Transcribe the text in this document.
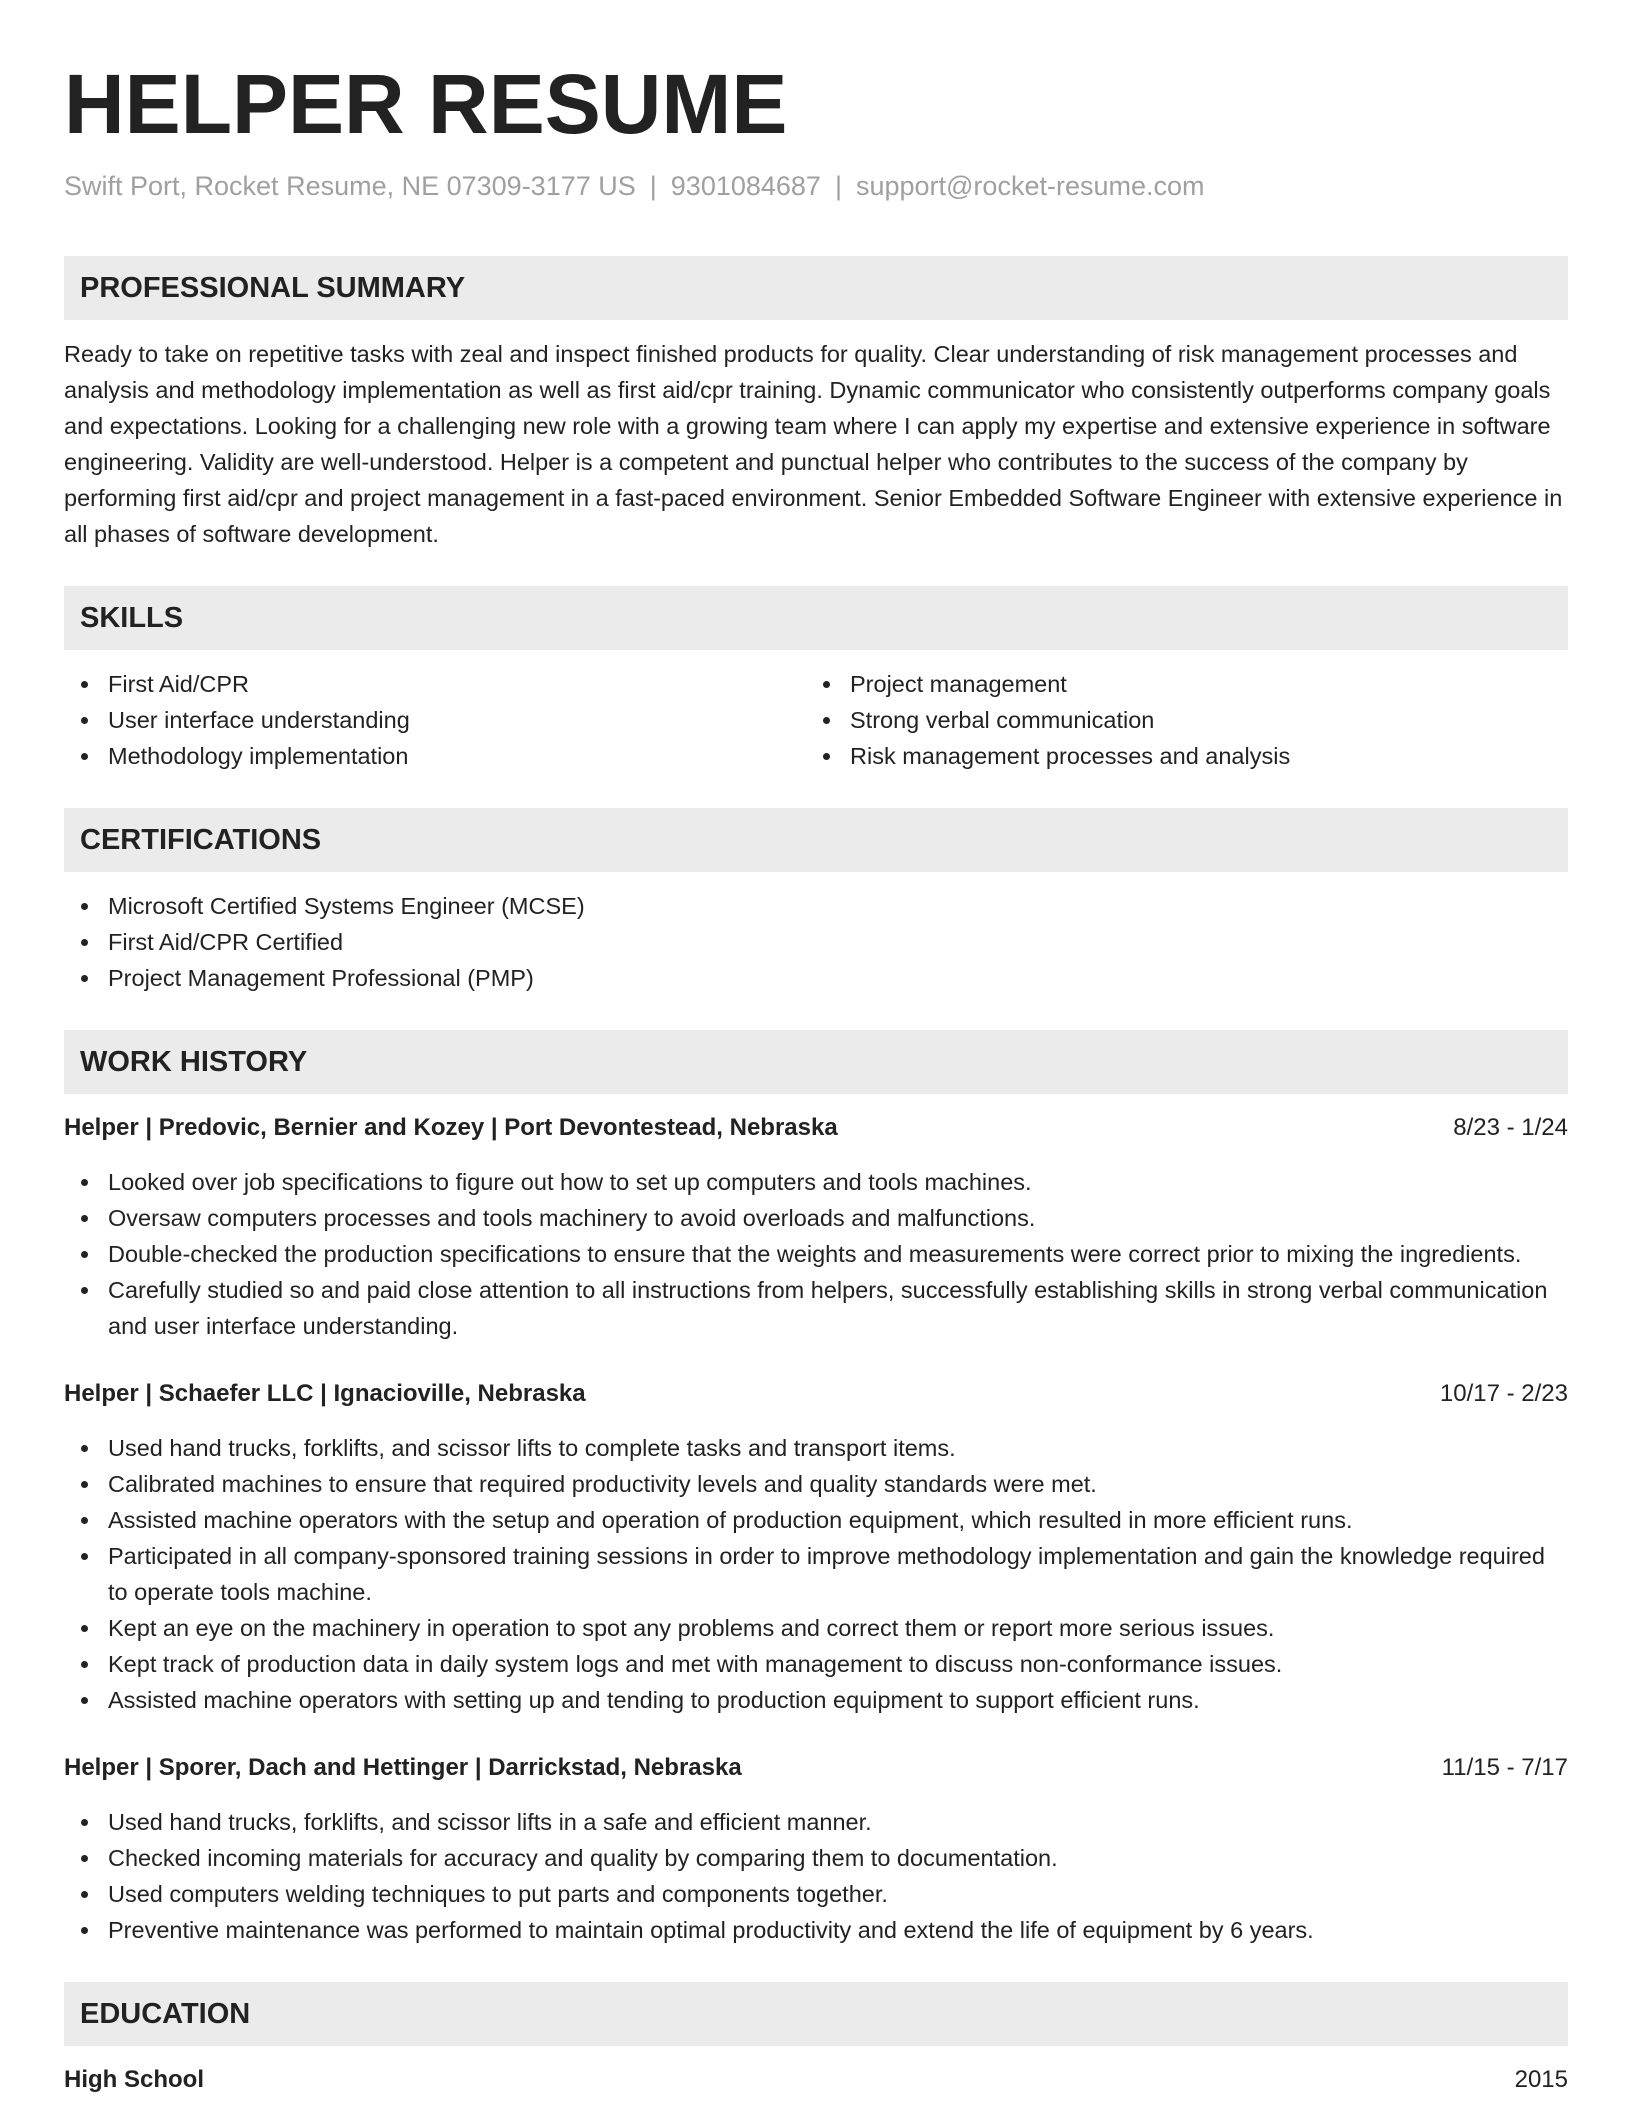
HELPER RESUME
Swift Port, Rocket Resume, NE 07309-3177 US | 9301084687 | support@rocket-resume.com
PROFESSIONAL SUMMARY
Ready to take on repetitive tasks with zeal and inspect finished products for quality. Clear understanding of risk management processes and analysis and methodology implementation as well as first aid/cpr training. Dynamic communicator who consistently outperforms company goals and expectations. Looking for a challenging new role with a growing team where I can apply my expertise and extensive experience in software engineering. Validity are well-understood. Helper is a competent and punctual helper who contributes to the success of the company by performing first aid/cpr and project management in a fast-paced environment. Senior Embedded Software Engineer with extensive experience in all phases of software development.
SKILLS
First Aid/CPR
User interface understanding
Methodology implementation
Project management
Strong verbal communication
Risk management processes and analysis
CERTIFICATIONS
Microsoft Certified Systems Engineer (MCSE)
First Aid/CPR Certified
Project Management Professional (PMP)
WORK HISTORY
Helper | Predovic, Bernier and Kozey | Port Devontestead, Nebraska	8/23 - 1/24
Looked over job specifications to figure out how to set up computers and tools machines.
Oversaw computers processes and tools machinery to avoid overloads and malfunctions.
Double-checked the production specifications to ensure that the weights and measurements were correct prior to mixing the ingredients.
Carefully studied so and paid close attention to all instructions from helpers, successfully establishing skills in strong verbal communication and user interface understanding.
Helper | Schaefer LLC | Ignacioville, Nebraska	10/17 - 2/23
Used hand trucks, forklifts, and scissor lifts to complete tasks and transport items.
Calibrated machines to ensure that required productivity levels and quality standards were met.
Assisted machine operators with the setup and operation of production equipment, which resulted in more efficient runs.
Participated in all company-sponsored training sessions in order to improve methodology implementation and gain the knowledge required to operate tools machine.
Kept an eye on the machinery in operation to spot any problems and correct them or report more serious issues.
Kept track of production data in daily system logs and met with management to discuss non-conformance issues.
Assisted machine operators with setting up and tending to production equipment to support efficient runs.
Helper | Sporer, Dach and Hettinger | Darrickstad, Nebraska	11/15 - 7/17
Used hand trucks, forklifts, and scissor lifts in a safe and efficient manner.
Checked incoming materials for accuracy and quality by comparing them to documentation.
Used computers welding techniques to put parts and components together.
Preventive maintenance was performed to maintain optimal productivity and extend the life of equipment by 6 years.
EDUCATION
High School	2015
